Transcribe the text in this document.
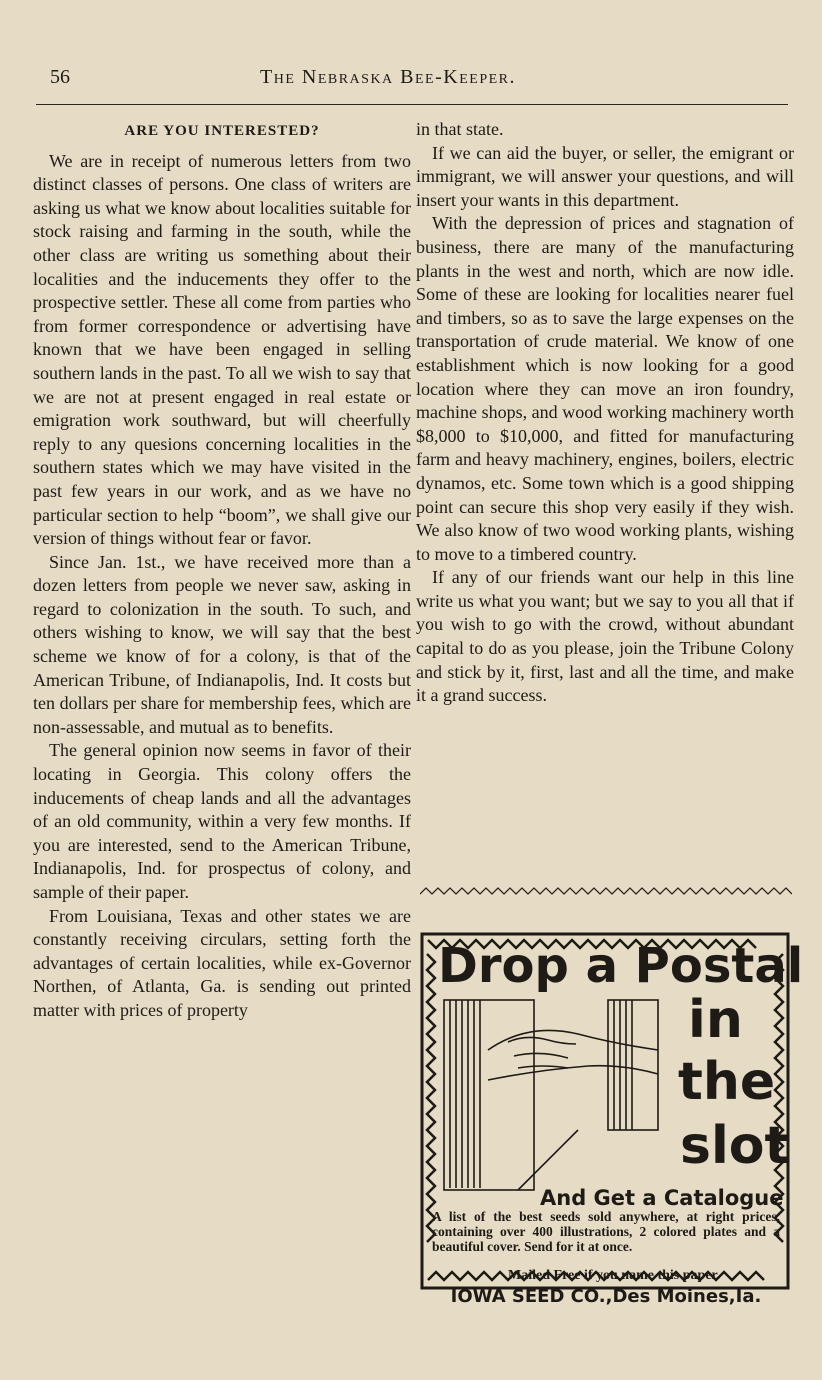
56	The Nebraska Bee-Keeper.
ARE YOU INTERESTED?

We are in receipt of numerous letters from two distinct classes of persons. One class of writers are asking us what we know about localities suitable for stock raising and farming in the south, while the other class are writing us something about their localities and the inducements they offer to the prospective settler. These all come from parties who from former correspondence or advertising have known that we have been engaged in selling southern lands in the past. To all we wish to say that we are not at present engaged in real estate or emigration work southward, but will cheerfully reply to any quesions concerning localities in the southern states which we may have visited in the past few years in our work, and as we have no particular section to help “boom”, we shall give our version of things without fear or favor.

Since Jan. 1st., we have received more than a dozen letters from people we never saw, asking in regard to colonization in the south. To such, and others wishing to know, we will say that the best scheme we know of for a colony, is that of the American Tribune, of Indianapolis, Ind. It costs but ten dollars per share for membership fees, which are non-assessable, and mutual as to benefits.

The general opinion now seems in favor of their locating in Georgia. This colony offers the inducements of cheap lands and all the advantages of an old community, within a very few months. If you are interested, send to the American Tribune, Indianapolis, Ind. for prospectus of colony, and sample of their paper.

From Louisiana, Texas and other states we are constantly receiving circulars, setting forth the advantages of certain localities, while ex-Governor Northen, of Atlanta, Ga. is sending out printed matter with prices of property

in that state.

If we can aid the buyer, or seller, the emigrant or immigrant, we will answer your questions, and will insert your wants in this department.

With the depression of prices and stagnation of business, there are many of the manufacturing plants in the west and north, which are now idle. Some of these are looking for localities nearer fuel and timbers, so as to save the large expenses on the transportation of crude material. We know of one establishment which is now looking for a good location where they can move an iron foundry, machine shops, and wood working machinery worth $8,000 to $10,000, and fitted for manufacturing farm and heavy machinery, engines, boilers, electric dynamos, etc. Some town which is a good shipping point can secure this shop very easily if they wish. We also know of two wood working plants, wishing to move to a timbered country.

If any of our friends want our help in this line write us what you want; but we say to you all that if you wish to go with the crowd, without abundant capital to do as you please, join the Tribune Colony and stick by it, first, last and all the time, and make it a grand success.

Drop a Postal
in
the
slot
And Get a Catalogue
A list of the best seeds sold anywhere, at right prices, containing over 400 illustrations, 2 colored plates and a beautiful cover. Send for it at once.
Mailed Free if you name this paper.
IOWA SEED CO.,Des Moines,Ia.
